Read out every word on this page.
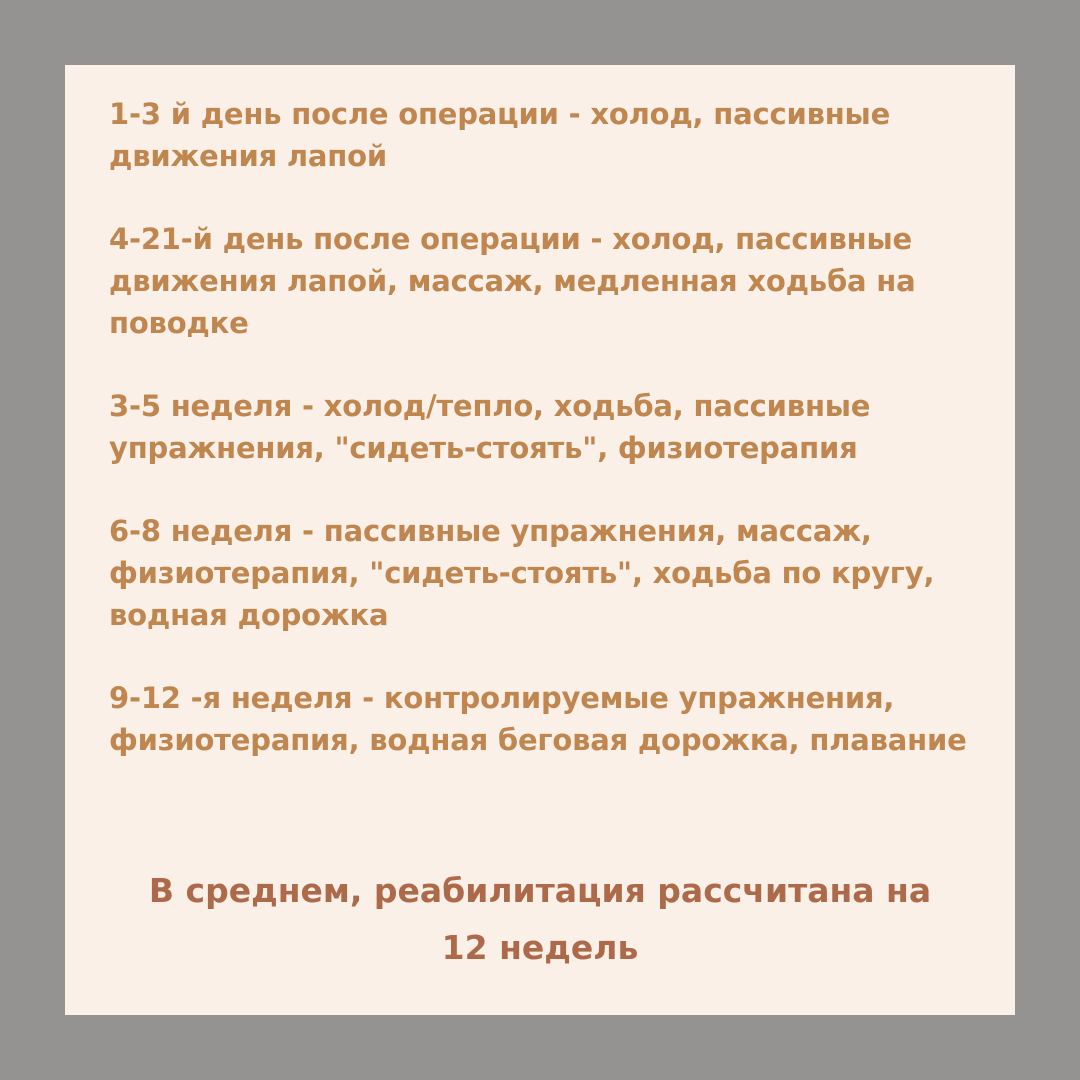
1-3 й день после операции - холод, пассивные движения лапой

4-21-й день после операции - холод, пассивные движения лапой, массаж, медленная ходьба на поводке

3-5 неделя - холод/тепло, ходьба, пассивные упражнения, "сидеть-стоять", физиотерапия

6-8 неделя - пассивные упражнения, массаж, физиотерапия, "сидеть-стоять", ходьба по кругу, водная дорожка

9-12 -я неделя - контролируемые упражнения, физиотерапия, водная беговая дорожка, плавание

В среднем, реабилитация рассчитана на
12 недель
